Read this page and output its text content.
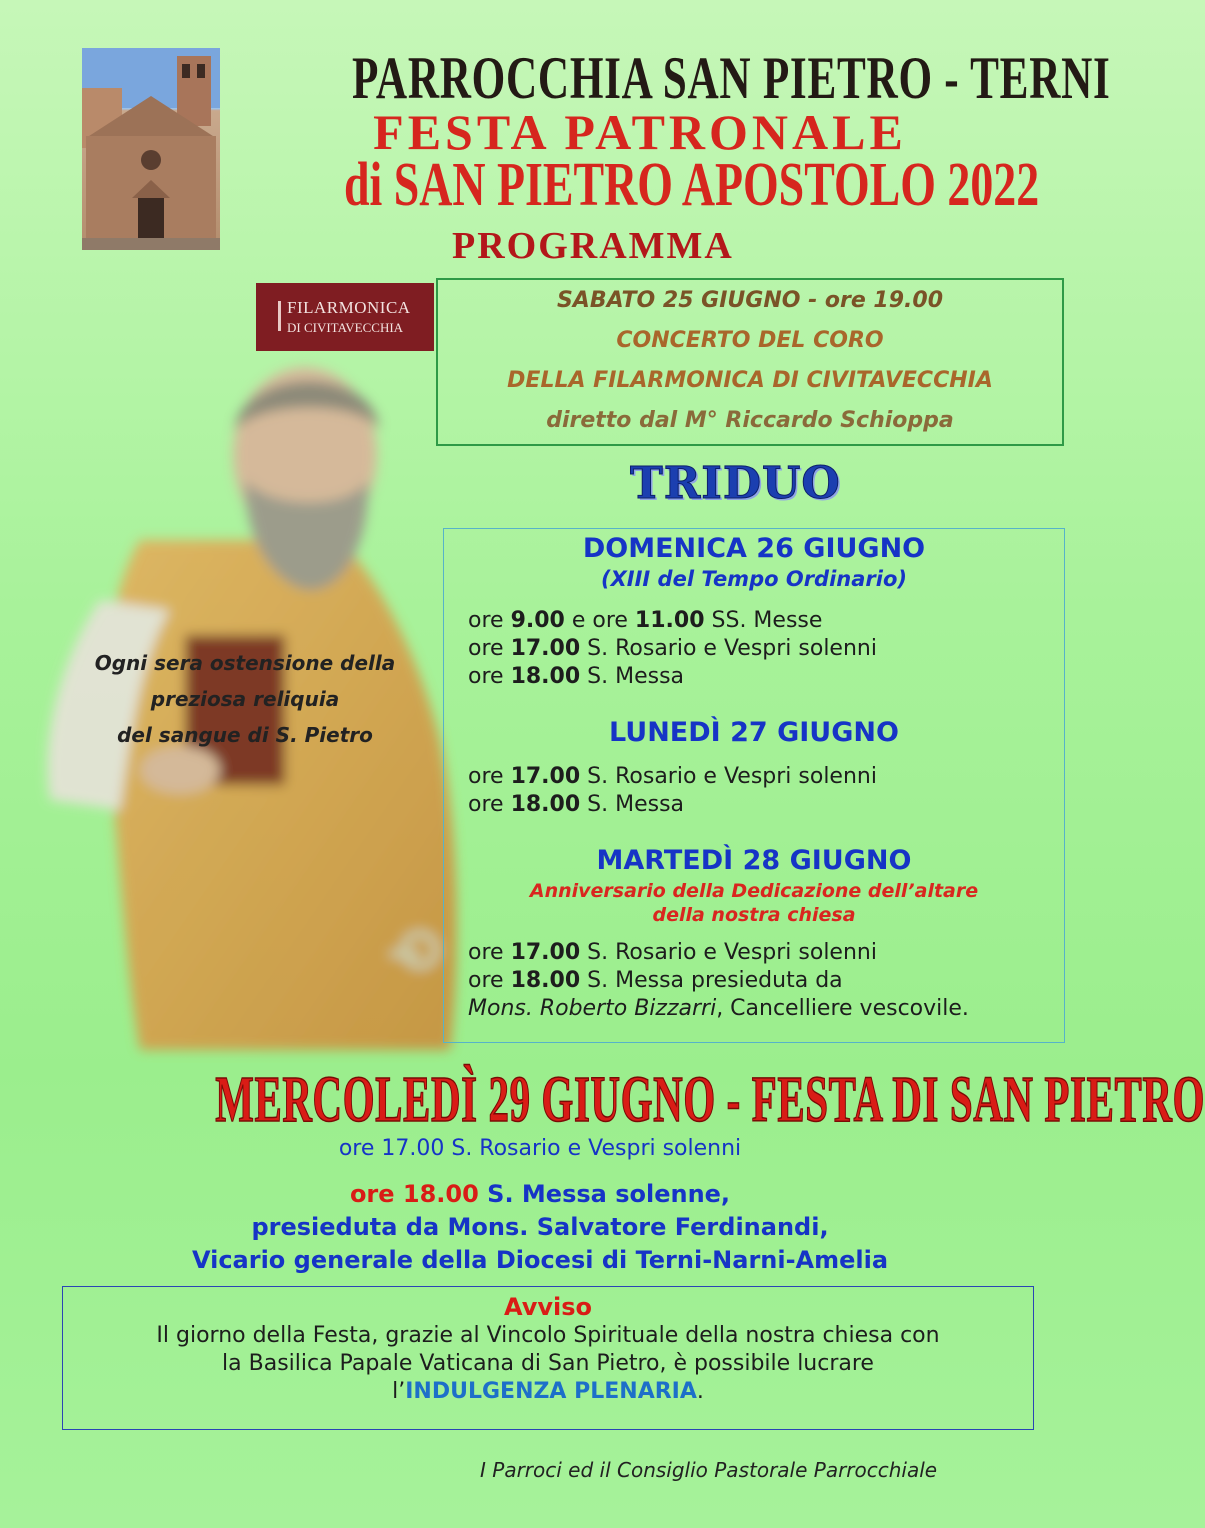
PARROCCHIA SAN PIETRO - TERNI
FESTA PATRONALE
di SAN PIETRO APOSTOLO 2022
PROGRAMMA
FILARMONICA
DI CIVITAVECCHIA
SABATO 25 GIUGNO - ore 19.00
CONCERTO DEL CORO
DELLA FILARMONICA DI CIVITAVECCHIA
diretto dal M° Riccardo Schioppa
TRIDUO
Ogni sera ostensione della
preziosa reliquia
del sangue di S. Pietro
DOMENICA 26 GIUGNO
(XIII del Tempo Ordinario)
ore 9.00 e ore 11.00 SS. Messe
ore 17.00 S. Rosario e Vespri solenni
ore 18.00 S. Messa
LUNEDÌ 27 GIUGNO
ore 17.00 S. Rosario e Vespri solenni
ore 18.00 S. Messa
MARTEDÌ 28 GIUGNO
Anniversario della Dedicazione dell’altare
della nostra chiesa
ore 17.00 S. Rosario e Vespri solenni
ore 18.00 S. Messa presieduta da
Mons. Roberto Bizzarri, Cancelliere vescovile.
MERCOLEDÌ 29 GIUGNO - FESTA DI SAN PIETRO
ore 17.00 S. Rosario e Vespri solenni
ore 18.00 S. Messa solenne,
presieduta da Mons. Salvatore Ferdinandi,
Vicario generale della Diocesi di Terni-Narni-Amelia
Avviso
Il giorno della Festa, grazie al Vincolo Spirituale della nostra chiesa con
la Basilica Papale Vaticana di San Pietro, è possibile lucrare
l’INDULGENZA PLENARIA.
I Parroci ed il Consiglio Pastorale Parrocchiale
